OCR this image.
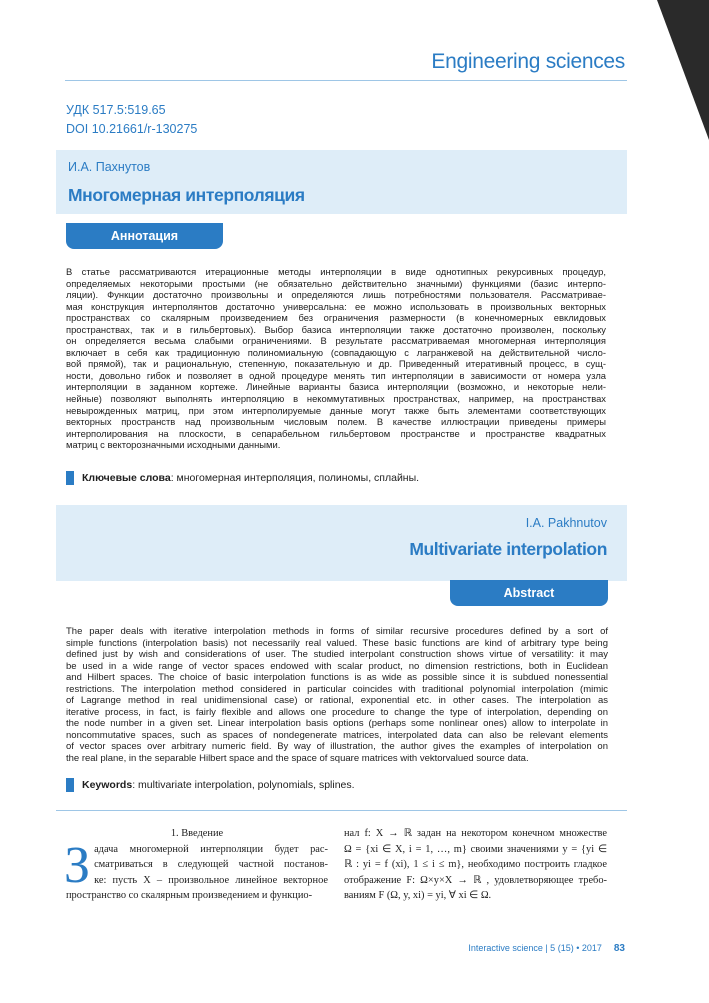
Engineering sciences
УДК 517.5:519.65
DOI 10.21661/r-130275
И.А. Пахнутов
Многомерная интерполяция
Аннотация
В статье рассматриваются итерационные методы интерполяции в виде однотипных рекурсивных процедур,
определяемых некоторыми простыми (не обязательно действительно значными) функциями (базис интерпо-
ляции). Функции достаточно произвольны и определяются лишь потребностями пользователя. Рассматривае-
мая конструкция интерполянтов достаточно универсальна: ее можно использовать в произвольных векторных
пространствах со скалярным произведением без ограничения размерности (в конечномерных евклидовых
пространствах, так и в гильбертовых). Выбор базиса интерполяции также достаточно произволен, поскольку
он определяется весьма слабыми ограничениями. В результате рассматриваемая многомерная интерполяция
включает в себя как традиционную полиномиальную (совпадающую с лагранжевой на действительной число-
вой прямой), так и рациональную, степенную, показательную и др. Приведенный итеративный процесс, в сущ-
ности, довольно гибок и позволяет в одной процедуре менять тип интерполяции в зависимости от номера узла
интерполяции в заданном кортеже. Линейные варианты базиса интерполяции (возможно, и некоторые нели-
нейные) позволяют выполнять интерполяцию в некоммутативных пространствах, например, на пространствах
невырожденных матриц, при этом интерполируемые данные могут также быть элементами соответствующих
векторных пространств над произвольным числовым полем. В качестве иллюстрации приведены примеры
интерполирования на плоскости, в сепарабельном гильбертовом пространстве и пространстве квадратных
матриц с векторозначными исходными данными.
Ключевые слова: многомерная интерполяция, полиномы, сплайны.
I.A. Pakhnutov
Multivariate interpolation
Abstract
The paper deals with iterative interpolation methods in forms of similar recursive procedures defined by a sort of
simple functions (interpolation basis) not necessarily real valued. These basic functions are kind of arbitrary type being
defined just by wish and considerations of user. The studied interpolant construction shows virtue of versatility: it may
be used in a wide range of vector spaces endowed with scalar product, no dimension restrictions, both in Euclidean
and Hilbert spaces. The choice of basic interpolation functions is as wide as possible since it is subdued nonessential
restrictions. The interpolation method considered in particular coincides with traditional polynomial interpolation (mimic
of Lagrange method in real unidimensional case) or rational, exponential etc. in other cases. The interpolation as
iterative process, in fact, is fairly flexible and allows one procedure to change the type of interpolation, depending on
the node number in a given set. Linear interpolation basis options (perhaps some nonlinear ones) allow to interpolate in
noncommutative spaces, such as spaces of nondegenerate matrices, interpolated data can also be relevant elements
of vector spaces over arbitrary numeric field. By way of illustration, the author gives the examples of interpolation on
the real plane, in the separable Hilbert space and the space of square matrices with vektorvalued source data.
Keywords: multivariate interpolation, polynomials, splines.
1. Введение
З адача многомерной интерполяции будет рас-
сматриваться в следующей частной постанов-
ке: пусть X – произвольное линейное векторное
пространство со скалярным произведением и функцио-
нал f: X → ℝ задан на некотором конечном множестве
Ω = {xi ∈ X, i = 1, …, m} своими значениями y = {yi ∈
ℝ : yi = f (xi), 1 ≤ i ≤ m}, необходимо построить гладкое
отображение F: Ω×y×X → ℝ , удовлетворяющее требо-
ваниям F (Ω, y, xi) = yi, ∀ xi ∈ Ω.
Interactive science | 5 (15) • 2017 83
